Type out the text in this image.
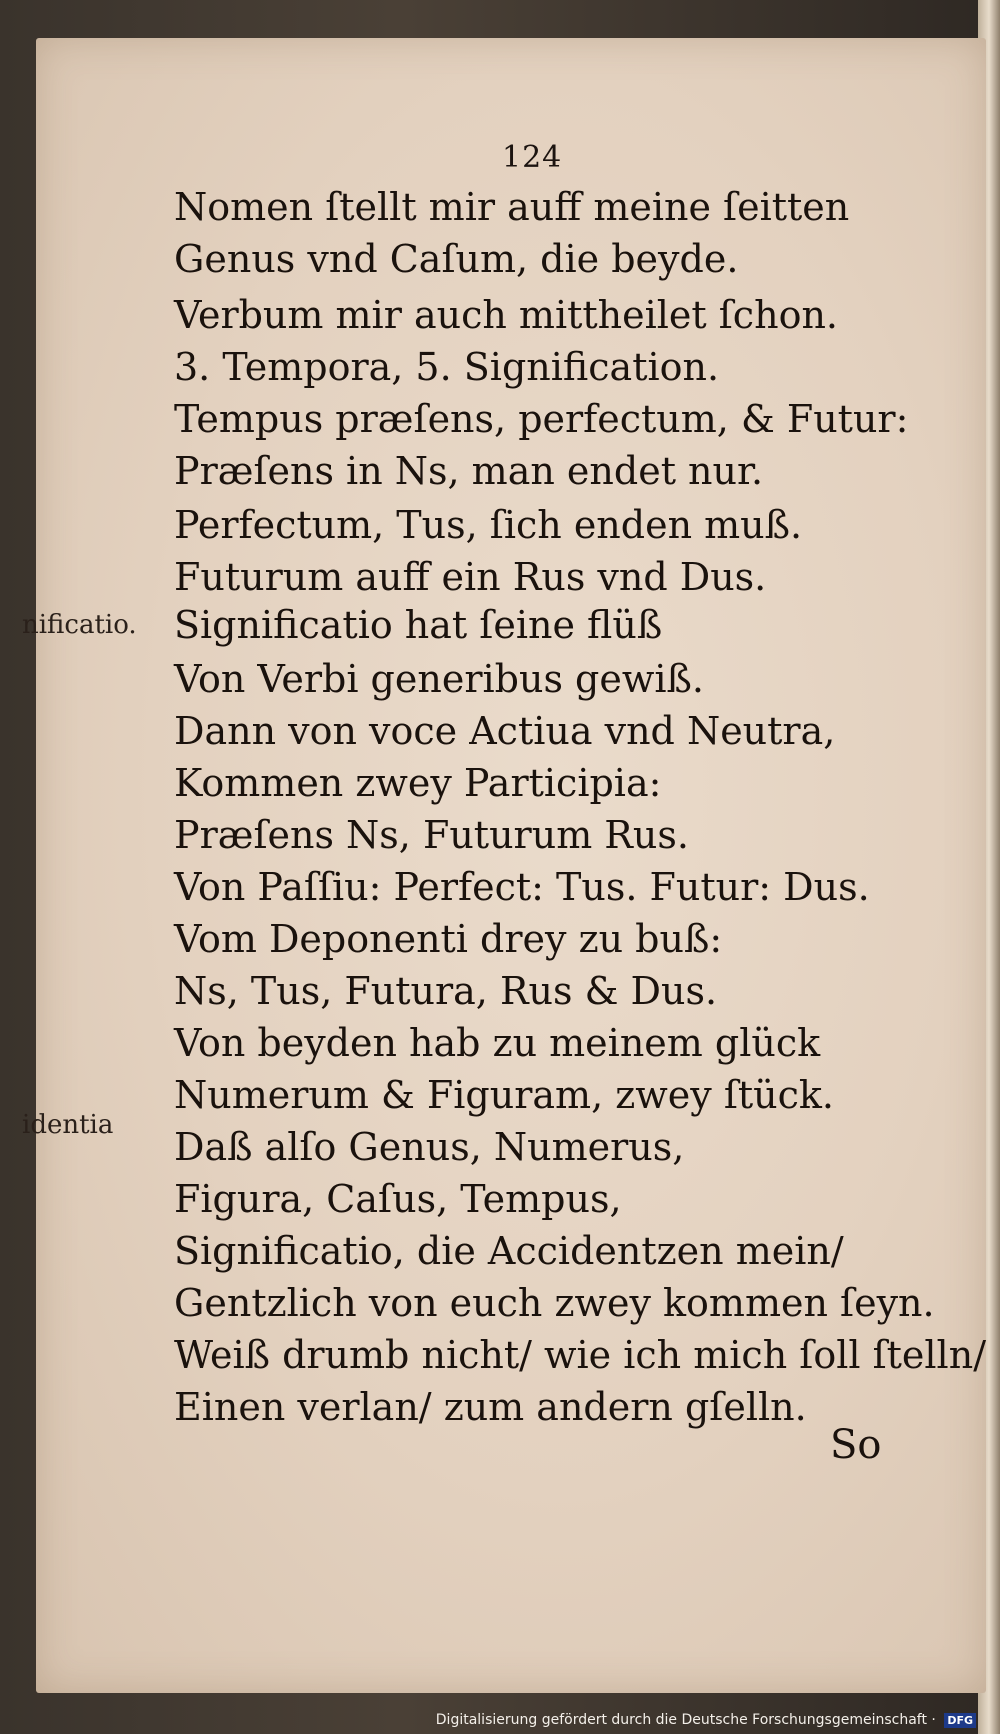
124
Nomen ſtellt mir auff meine ſeitten
Genus vnd Caſum, die beyde.
Verbum mir auch mittheilet ſchon.
3. Tempora, 5. Signification.
Tempus præſens, perfectum, & Futur:
Præſens in Ns, man endet nur.
Perfectum, Tus, ſich enden muß.
Futurum auff ein Rus vnd Dus.
nificatio. Significatio hat ſeine flüß
Von Verbi generibus gewiß.
Dann von voce Actiua vnd Neutra,
Kommen zwey Participia:
Præſens Ns, Futurum Rus.
Von Paſſiu: Perfect: Tus. Futur: Dus.
Vom Deponenti drey zu buß:
Ns, Tus, Futura, Rus & Dus.
Von beyden hab zu meinem glück
Numerum & Figuram, zwey ſtück.
identia Daß alſo Genus, Numerus,
Figura, Caſus, Tempus,
Significatio, die Accidentzen mein/
Gentzlich von euch zwey kommen ſeyn.
Weiß drumb nicht/ wie ich mich ſoll ſtelln/
Einen verlan/ zum andern gſelln.
So
Digitalisierung gefördert durch die Deutsche Forschungsgemeinschaft · DFG
